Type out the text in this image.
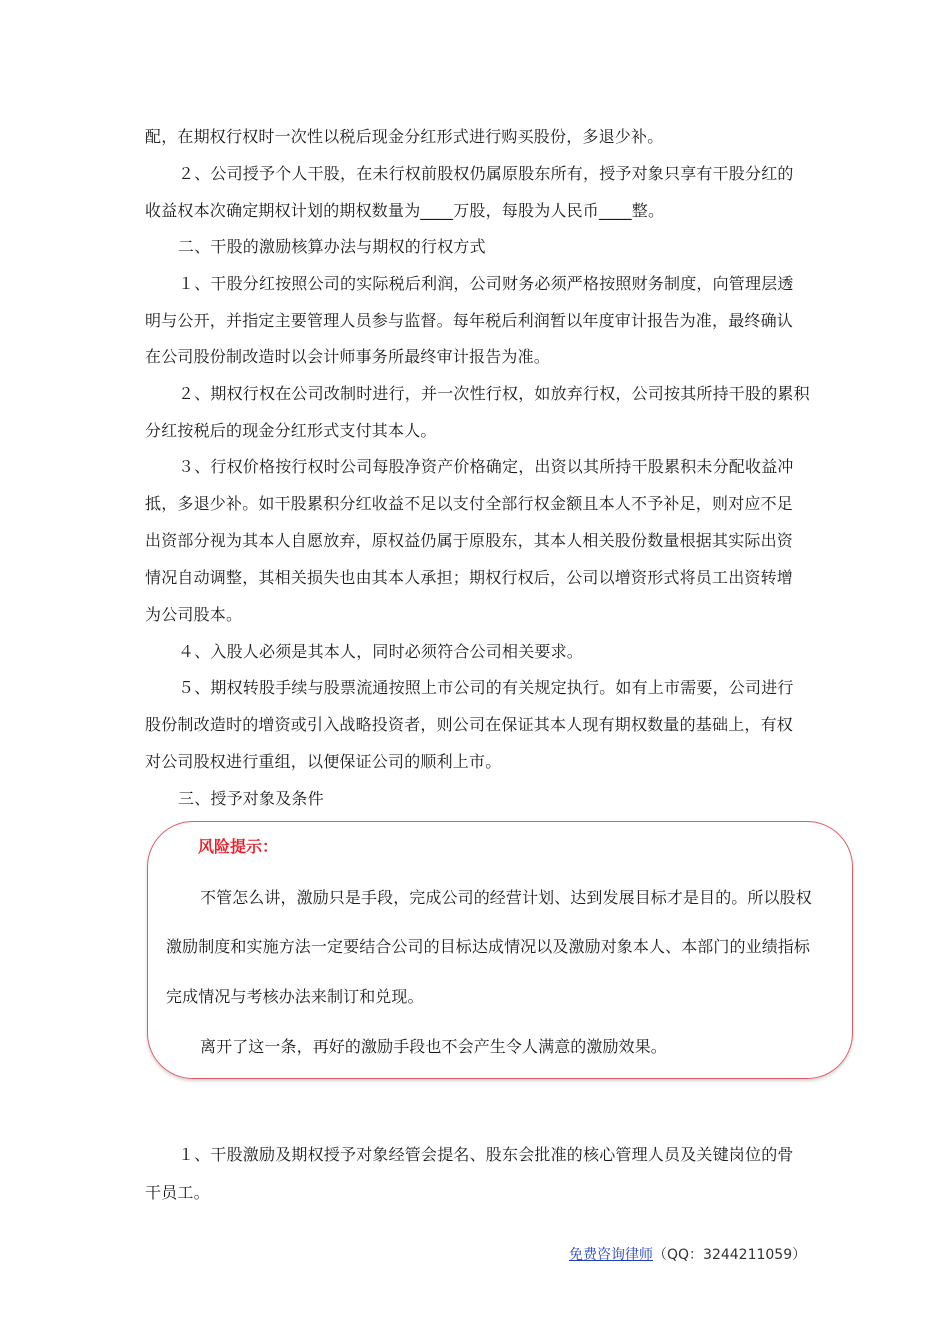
配，在期权行权时一次性以税后现金分红形式进行购买股份，多退少补。
２、公司授予个人干股，在未行权前股权仍属原股东所有，授予对象只享有干股分红的
收益权本次确定期权计划的期权数量为____万股，每股为人民币____整。
二、干股的激励核算办法与期权的行权方式
１、干股分红按照公司的实际税后利润，公司财务必须严格按照财务制度，向管理层透
明与公开，并指定主要管理人员参与监督。每年税后利润暂以年度审计报告为准，最终确认
在公司股份制改造时以会计师事务所最终审计报告为准。
２、期权行权在公司改制时进行，并一次性行权，如放弃行权，公司按其所持干股的累积
分红按税后的现金分红形式支付其本人。
３、行权价格按行权时公司每股净资产价格确定，出资以其所持干股累积未分配收益冲
抵，多退少补。如干股累积分红收益不足以支付全部行权金额且本人不予补足，则对应不足
出资部分视为其本人自愿放弃，原权益仍属于原股东，其本人相关股份数量根据其实际出资
情况自动调整，其相关损失也由其本人承担；期权行权后，公司以增资形式将员工出资转增
为公司股本。
４、入股人必须是其本人，同时必须符合公司相关要求。
５、期权转股手续与股票流通按照上市公司的有关规定执行。如有上市需要，公司进行
股份制改造时的增资或引入战略投资者，则公司在保证其本人现有期权数量的基础上，有权
对公司股权进行重组，以便保证公司的顺利上市。
三、授予对象及条件
风险提示：
不管怎么讲，激励只是手段，完成公司的经营计划、达到发展目标才是目的。所以股权
激励制度和实施方法一定要结合公司的目标达成情况以及激励对象本人、本部门的业绩指标
完成情况与考核办法来制订和兑现。
离开了这一条，再好的激励手段也不会产生令人满意的激励效果。
１、干股激励及期权授予对象经管会提名、股东会批准的核心管理人员及关键岗位的骨
干员工。
免费咨询律师（QQ：3244211059）
